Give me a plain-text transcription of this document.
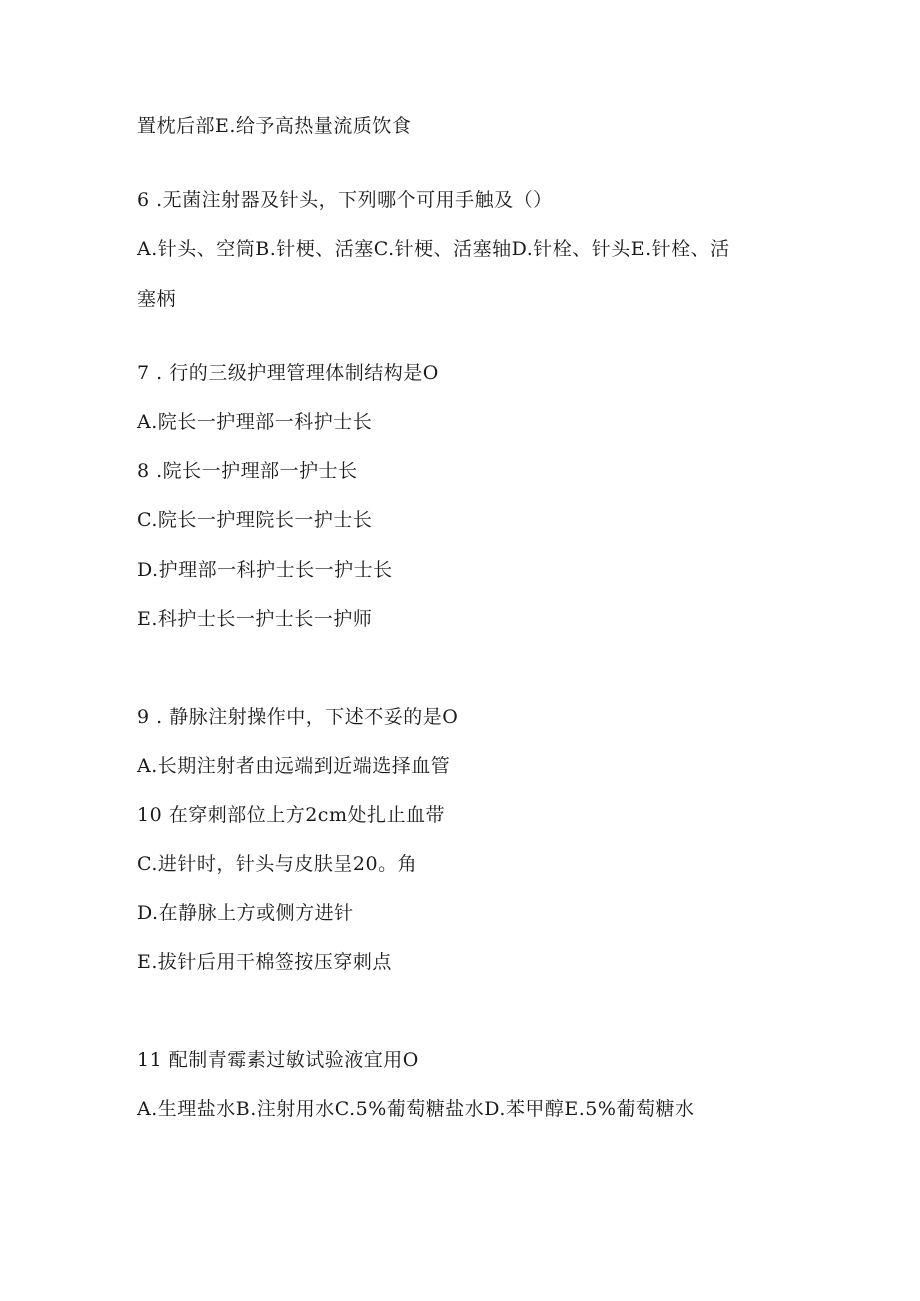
置枕后部E.给予高热量流质饮食
6 .无菌注射器及针头，下列哪个可用手触及（）
A.针头、空筒B.针梗、活塞C.针梗、活塞轴D.针栓、针头E.针栓、活
塞柄
7 . 行的三级护理管理体制结构是O
A.院长一护理部一科护士长
8 .院长一护理部一护士长
C.院长一护理院长一护士长
D.护理部一科护士长一护士长
E.科护士长一护士长一护师
9 . 静脉注射操作中，下述不妥的是O
A.长期注射者由远端到近端选择血管
10 在穿刺部位上方2cm处扎止血带
C.进针时，针头与皮肤呈20。角
D.在静脉上方或侧方进针
E.拔针后用干棉签按压穿刺点
11 配制青霉素过敏试验液宜用O
A.生理盐水B.注射用水C.5%葡萄糖盐水D.苯甲醇E.5%葡萄糖水
